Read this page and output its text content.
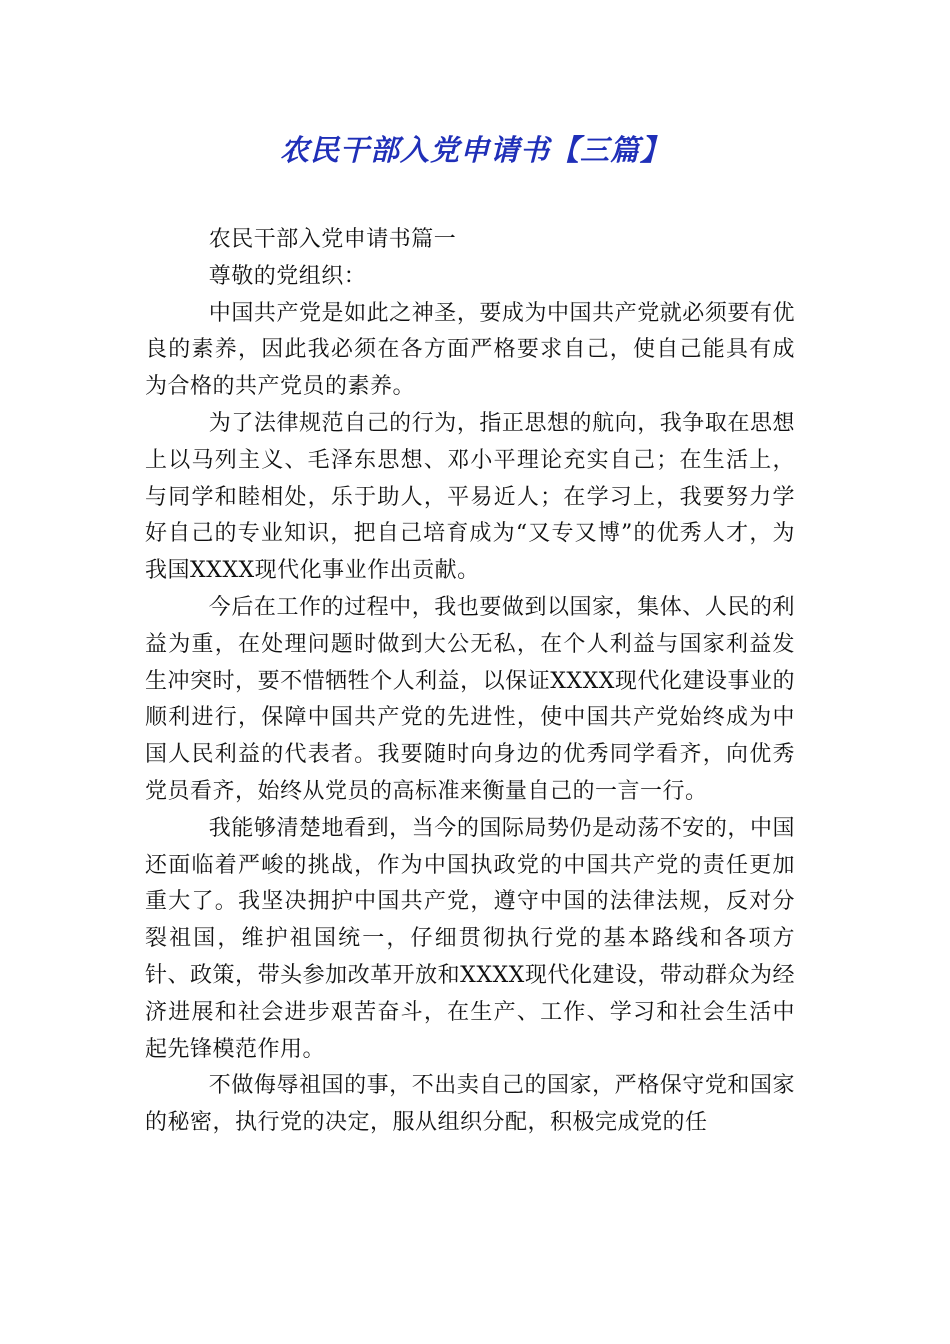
农民干部入党申请书【三篇】

农民干部入党申请书篇一

尊敬的党组织：

中国共产党是如此之神圣，要成为中国共产党就必须要有优良的素养，因此我必须在各方面严格要求自己，使自己能具有成为合格的共产党员的素养。

为了法律规范自己的行为，指正思想的航向，我争取在思想上以马列主义、毛泽东思想、邓小平理论充实自己；在生活上，与同学和睦相处，乐于助人，平易近人；在学习上，我要努力学好自己的专业知识，把自己培育成为“又专又博”的优秀人才，为我国XXXX现代化事业作出贡献。

今后在工作的过程中，我也要做到以国家，集体、人民的利益为重，在处理问题时做到大公无私，在个人利益与国家利益发生冲突时，要不惜牺牲个人利益，以保证XXXX现代化建设事业的顺利进行，保障中国共产党的先进性，使中国共产党始终成为中国人民利益的代表者。我要随时向身边的优秀同学看齐，向优秀党员看齐，始终从党员的高标准来衡量自己的一言一行。

我能够清楚地看到，当今的国际局势仍是动荡不安的，中国还面临着严峻的挑战，作为中国执政党的中国共产党的责任更加重大了。我坚决拥护中国共产党，遵守中国的法律法规，反对分裂祖国，维护祖国统一，仔细贯彻执行党的基本路线和各项方针、政策，带头参加改革开放和XXXX现代化建设，带动群众为经济进展和社会进步艰苦奋斗，在生产、工作、学习和社会生活中起先锋模范作用。

不做侮辱祖国的事，不出卖自己的国家，严格保守党和国家的秘密，执行党的决定，服从组织分配，积极完成党的任
